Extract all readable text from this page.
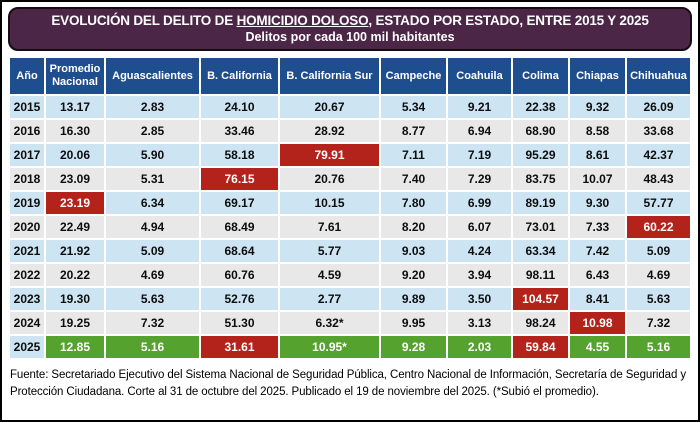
EVOLUCIÓN DEL DELITO DE HOMICIDIO DOLOSO, ESTADO POR ESTADO, ENTRE 2015 Y 2025
Delitos por cada 100 mil habitantes
Año	Promedio Nacional	Aguascalientes	B. California	B. California Sur	Campeche	Coahuila	Colima	Chiapas	Chihuahua
2015	13.17	2.83	24.10	20.67	5.34	9.21	22.38	9.32	26.09
2016	16.30	2.85	33.46	28.92	8.77	6.94	68.90	8.58	33.68
2017	20.06	5.90	58.18	79.91	7.11	7.19	95.29	8.61	42.37
2018	23.09	5.31	76.15	20.76	7.40	7.29	83.75	10.07	48.43
2019	23.19	6.34	69.17	10.15	7.80	6.99	89.19	9.30	57.77
2020	22.49	4.94	68.49	7.61	8.20	6.07	73.01	7.33	60.22
2021	21.92	5.09	68.64	5.77	9.03	4.24	63.34	7.42	5.09
2022	20.22	4.69	60.76	4.59	9.20	3.94	98.11	6.43	4.69
2023	19.30	5.63	52.76	2.77	9.89	3.50	104.57	8.41	5.63
2024	19.25	7.32	51.30	6.32*	9.95	3.13	98.24	10.98	7.32
2025	12.85	5.16	31.61	10.95*	9.28	2.03	59.84	4.55	5.16
Fuente: Secretariado Ejecutivo del Sistema Nacional de Seguridad Pública, Centro Nacional de Información, Secretaría de Seguridad y Protección Ciudadana. Corte al 31 de octubre del 2025. Publicado el 19 de noviembre del 2025. (*Subió el promedio).
